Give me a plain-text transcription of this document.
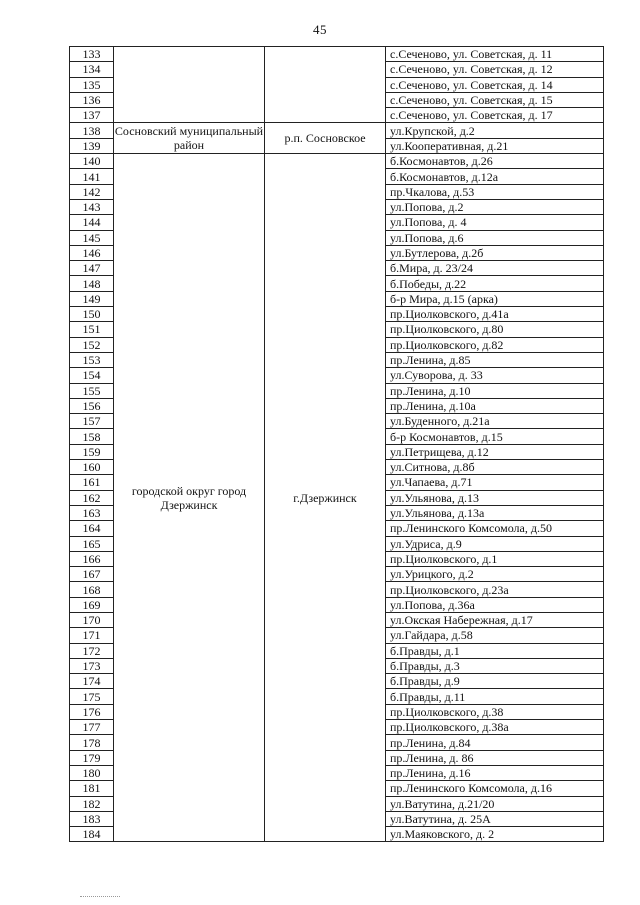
45
133			с.Сеченово, ул. Советская, д. 11
134			с.Сеченово, ул. Советская, д. 12
135			с.Сеченово, ул. Советская, д. 14
136			с.Сеченово, ул. Советская, д. 15
137			с.Сеченово, ул. Советская, д. 17
138	Сосновский муниципальный район	р.п. Сосновское	ул.Крупской, д.2
139			ул.Кооперативная, д.21
140	городской округ город Дзержинск	г.Дзержинск	б.Космонавтов, д.26
141			б.Космонавтов, д.12а
142			пр.Чкалова, д.53
143			ул.Попова, д.2
144			ул.Попова, д. 4
145			ул.Попова, д.6
146			ул.Бутлерова, д.2б
147			б.Мира, д. 23/24
148			б.Победы, д.22
149			б-р Мира, д.15 (арка)
150			пр.Циолковского, д.41а
151			пр.Циолковского, д.80
152			пр.Циолковского, д.82
153			пр.Ленина, д.85
154			ул.Суворова, д. 33
155			пр.Ленина, д.10
156			пр.Ленина, д.10а
157			ул.Буденного, д.21а
158			б-р Космонавтов, д.15
159			ул.Петрищева, д.12
160			ул.Ситнова, д.8б
161			ул.Чапаева, д.71
162			ул.Ульянова, д.13
163			ул.Ульянова, д.13а
164			пр.Ленинского Комсомола, д.50
165			ул.Удриса, д.9
166			пр.Циолковского, д.1
167			ул.Урицкого, д.2
168			пр.Циолковского, д.23а
169			ул.Попова, д.36а
170			ул.Окская Набережная, д.17
171			ул.Гайдара, д.58
172			б.Правды, д.1
173			б.Правды, д.3
174			б.Правды, д.9
175			б.Правды, д.11
176			пр.Циолковского, д.38
177			пр.Циолковского, д.38а
178			пр.Ленина, д.84
179			пр.Ленина, д. 86
180			пр.Ленина, д.16
181			пр.Ленинского Комсомола, д.16
182			ул.Ватутина, д.21/20
183			ул.Ватутина, д. 25А
184			ул.Маяковского, д. 2
